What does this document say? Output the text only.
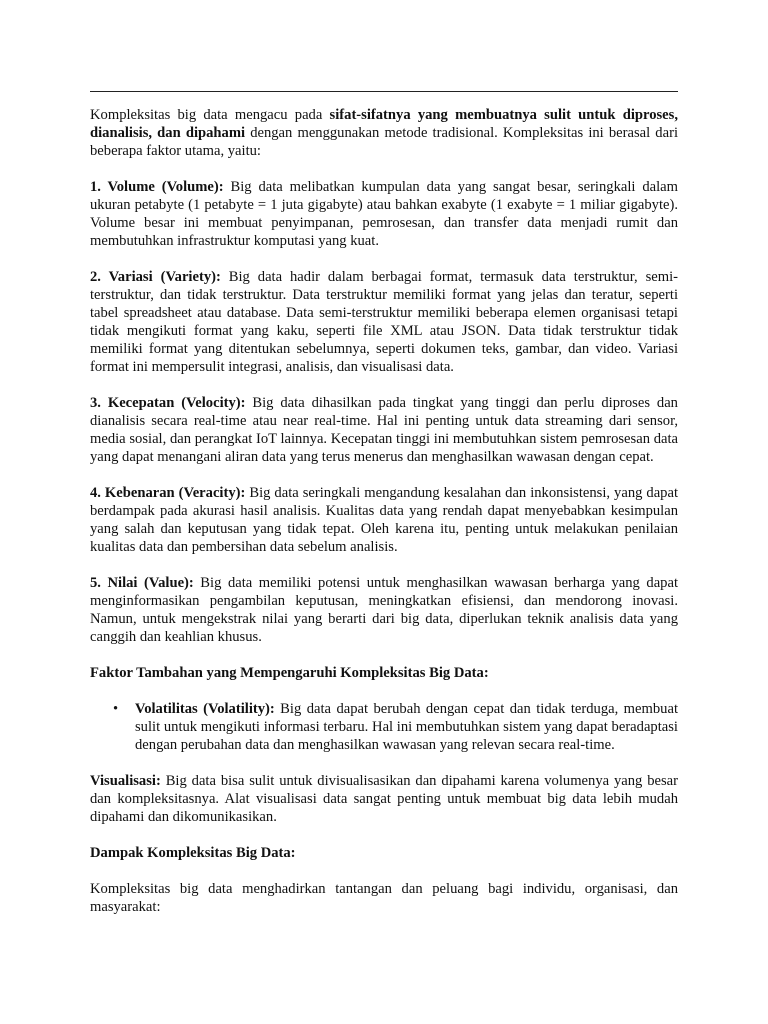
Kompleksitas big data mengacu pada sifat-sifatnya yang membuatnya sulit untuk diproses, dianalisis, dan dipahami dengan menggunakan metode tradisional. Kompleksitas ini berasal dari beberapa faktor utama, yaitu:

1. Volume (Volume): Big data melibatkan kumpulan data yang sangat besar, seringkali dalam ukuran petabyte (1 petabyte = 1 juta gigabyte) atau bahkan exabyte (1 exabyte = 1 miliar gigabyte). Volume besar ini membuat penyimpanan, pemrosesan, dan transfer data menjadi rumit dan membutuhkan infrastruktur komputasi yang kuat.

2. Variasi (Variety): Big data hadir dalam berbagai format, termasuk data terstruktur, semi-terstruktur, dan tidak terstruktur. Data terstruktur memiliki format yang jelas dan teratur, seperti tabel spreadsheet atau database. Data semi-terstruktur memiliki beberapa elemen organisasi tetapi tidak mengikuti format yang kaku, seperti file XML atau JSON. Data tidak terstruktur tidak memiliki format yang ditentukan sebelumnya, seperti dokumen teks, gambar, dan video. Variasi format ini mempersulit integrasi, analisis, dan visualisasi data.

3. Kecepatan (Velocity): Big data dihasilkan pada tingkat yang tinggi dan perlu diproses dan dianalisis secara real-time atau near real-time. Hal ini penting untuk data streaming dari sensor, media sosial, dan perangkat IoT lainnya. Kecepatan tinggi ini membutuhkan sistem pemrosesan data yang dapat menangani aliran data yang terus menerus dan menghasilkan wawasan dengan cepat.

4. Kebenaran (Veracity): Big data seringkali mengandung kesalahan dan inkonsistensi, yang dapat berdampak pada akurasi hasil analisis. Kualitas data yang rendah dapat menyebabkan kesimpulan yang salah dan keputusan yang tidak tepat. Oleh karena itu, penting untuk melakukan penilaian kualitas data dan pembersihan data sebelum analisis.

5. Nilai (Value): Big data memiliki potensi untuk menghasilkan wawasan berharga yang dapat menginformasikan pengambilan keputusan, meningkatkan efisiensi, dan mendorong inovasi. Namun, untuk mengekstrak nilai yang berarti dari big data, diperlukan teknik analisis data yang canggih dan keahlian khusus.

Faktor Tambahan yang Mempengaruhi Kompleksitas Big Data:

• Volatilitas (Volatility): Big data dapat berubah dengan cepat dan tidak terduga, membuat sulit untuk mengikuti informasi terbaru. Hal ini membutuhkan sistem yang dapat beradaptasi dengan perubahan data dan menghasilkan wawasan yang relevan secara real-time.

Visualisasi: Big data bisa sulit untuk divisualisasikan dan dipahami karena volumenya yang besar dan kompleksitasnya. Alat visualisasi data sangat penting untuk membuat big data lebih mudah dipahami dan dikomunikasikan.

Dampak Kompleksitas Big Data:

Kompleksitas big data menghadirkan tantangan dan peluang bagi individu, organisasi, dan masyarakat:
